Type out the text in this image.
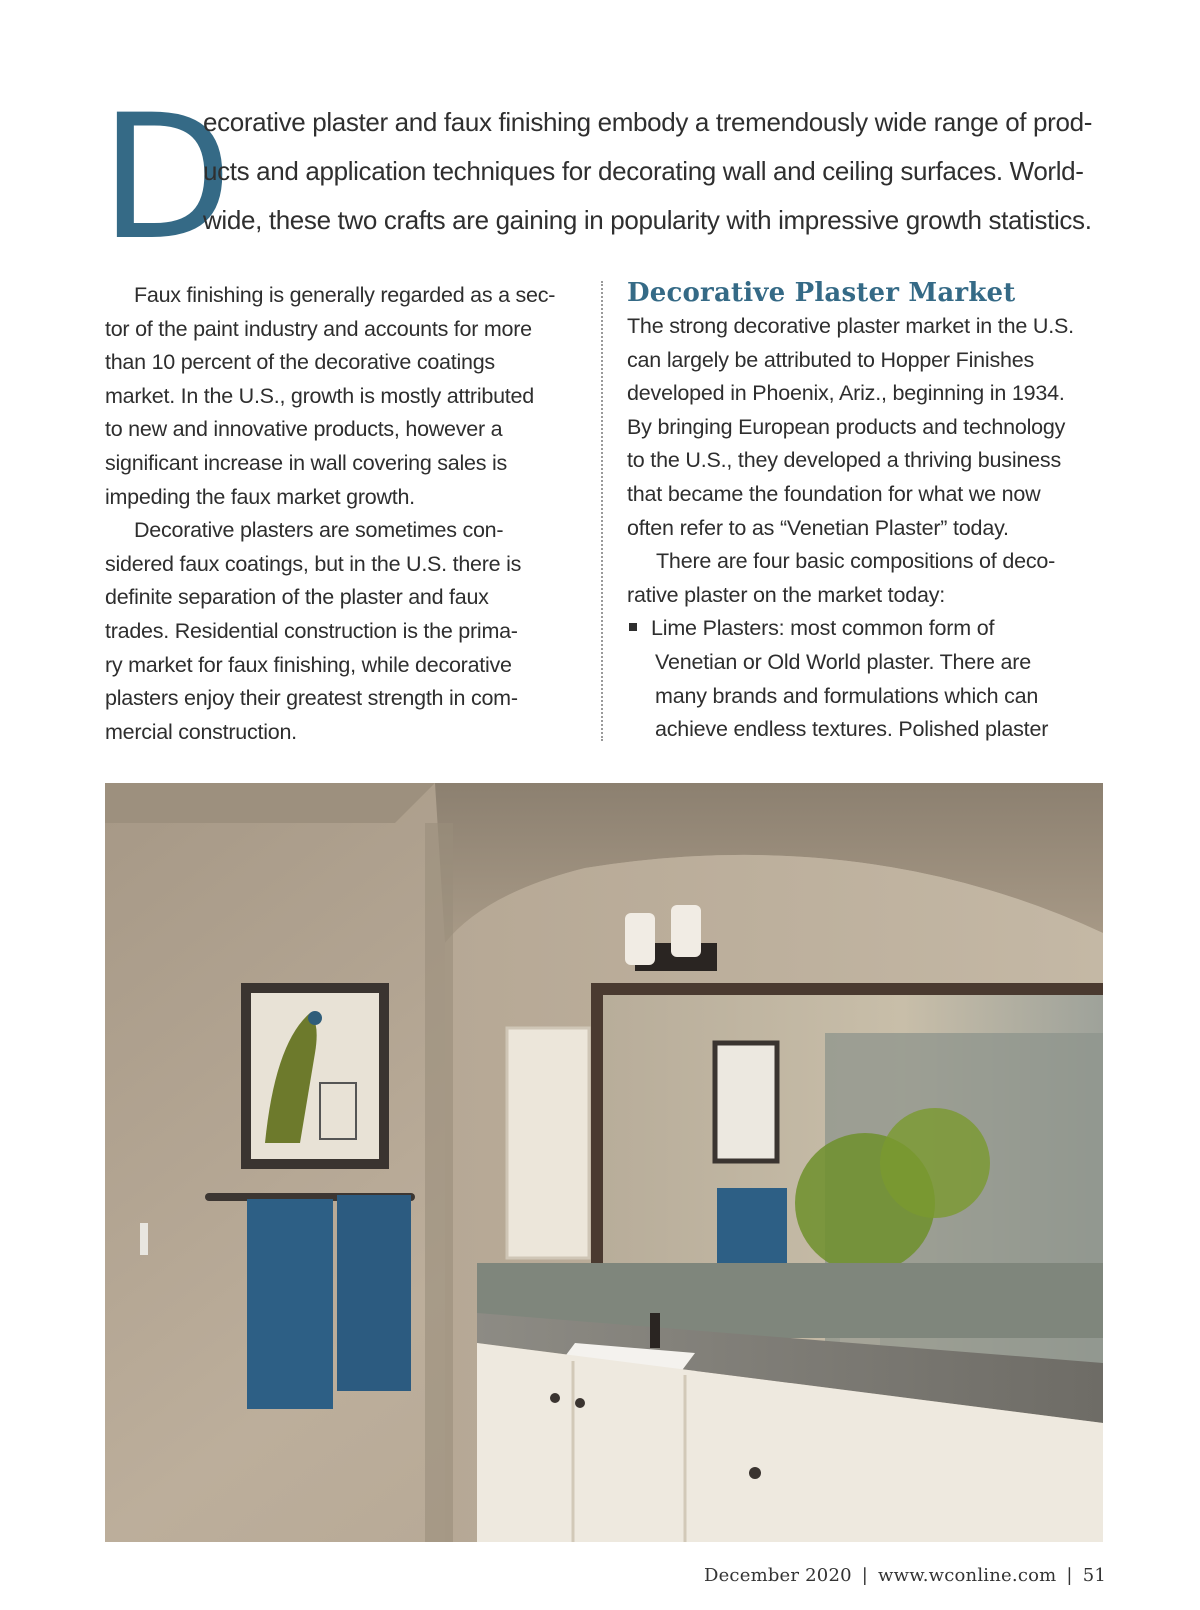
D
ecorative plaster and faux finishing embody a tremendously wide range of prod-
ucts and application techniques for decorating wall and ceiling surfaces. World-
wide, these two crafts are gaining in popularity with impressive growth statistics.
Faux finishing is generally regarded as a sec-
tor of the paint industry and accounts for more
than 10 percent of the decorative coatings
market. In the U.S., growth is mostly attributed
to new and innovative products, however a
significant increase in wall covering sales is
impeding the faux market growth.
Decorative plasters are sometimes con-
sidered faux coatings, but in the U.S. there is
definite separation of the plaster and faux
trades. Residential construction is the prima-
ry market for faux finishing, while decorative
plasters enjoy their greatest strength in com-
mercial construction.
Decorative Plaster Market
The strong decorative plaster market in the U.S.
can largely be attributed to Hopper Finishes
developed in Phoenix, Ariz., beginning in 1934.
By bringing European products and technology
to the U.S., they developed a thriving business
that became the foundation for what we now
often refer to as “Venetian Plaster” today.
There are four basic compositions of deco-
rative plaster on the market today:
Lime Plasters: most common form of
Venetian or Old World plaster. There are
many brands and formulations which can
achieve endless textures. Polished plaster
December 2020 | www.wconline.com | 51
